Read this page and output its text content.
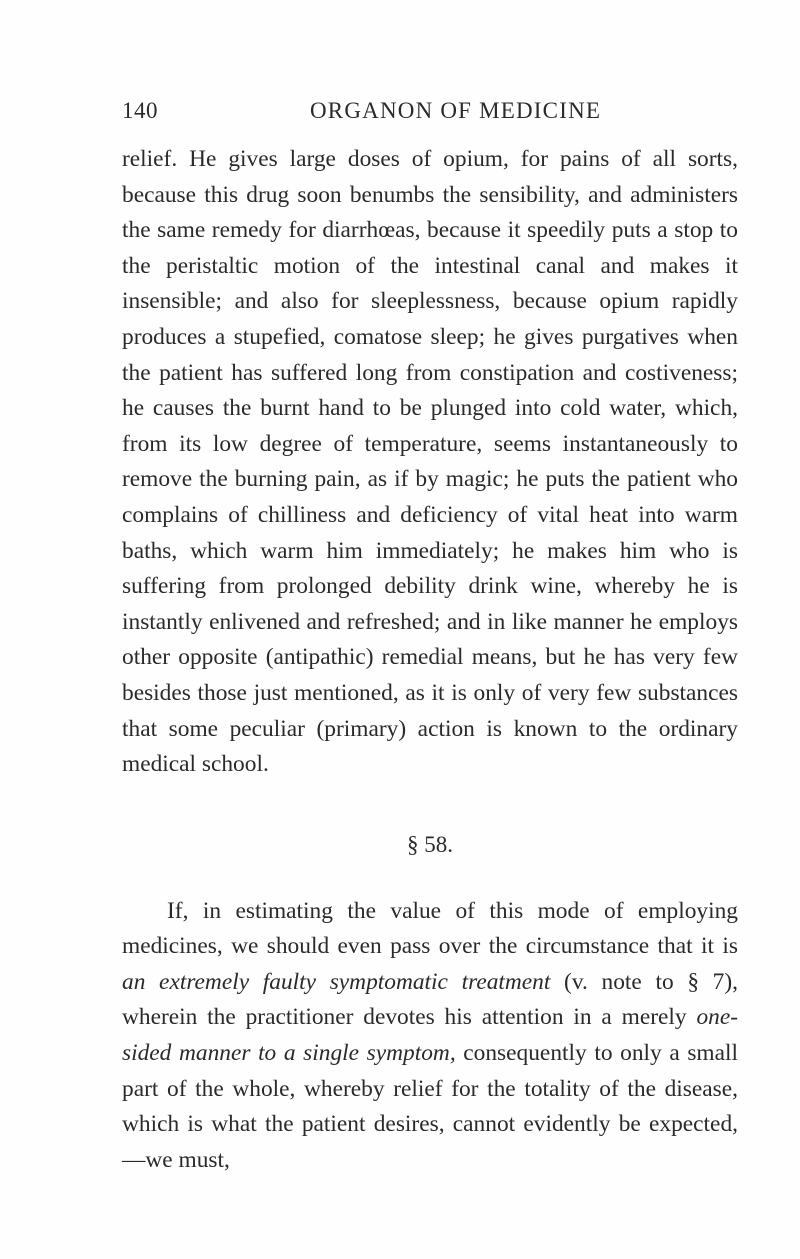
140	ORGANON OF MEDICINE

relief. He gives large doses of opium, for pains of all sorts, because this drug soon benumbs the sensibility, and administers the same remedy for diarrhœas, because it speedily puts a stop to the peristaltic motion of the intestinal canal and makes it insensible; and also for sleeplessness, because opium rapidly produces a stupefied, comatose sleep; he gives purgatives when the patient has suffered long from constipation and costiveness; he causes the burnt hand to be plunged into cold water, which, from its low degree of temperature, seems instantaneously to remove the burning pain, as if by magic; he puts the patient who complains of chilliness and deficiency of vital heat into warm baths, which warm him immediately; he makes him who is suffering from prolonged debility drink wine, whereby he is instantly enlivened and refreshed; and in like manner he employs other opposite (antipathic) remedial means, but he has very few besides those just mentioned, as it is only of very few substances that some peculiar (primary) action is known to the ordinary medical school.

§ 58.

If, in estimating the value of this mode of employing medicines, we should even pass over the circumstance that it is an extremely faulty symptomatic treatment (v. note to § 7), wherein the practitioner devotes his attention in a merely one-sided manner to a single symptom, consequently to only a small part of the whole, whereby relief for the totality of the disease, which is what the patient desires, cannot evidently be expected,—we must,
